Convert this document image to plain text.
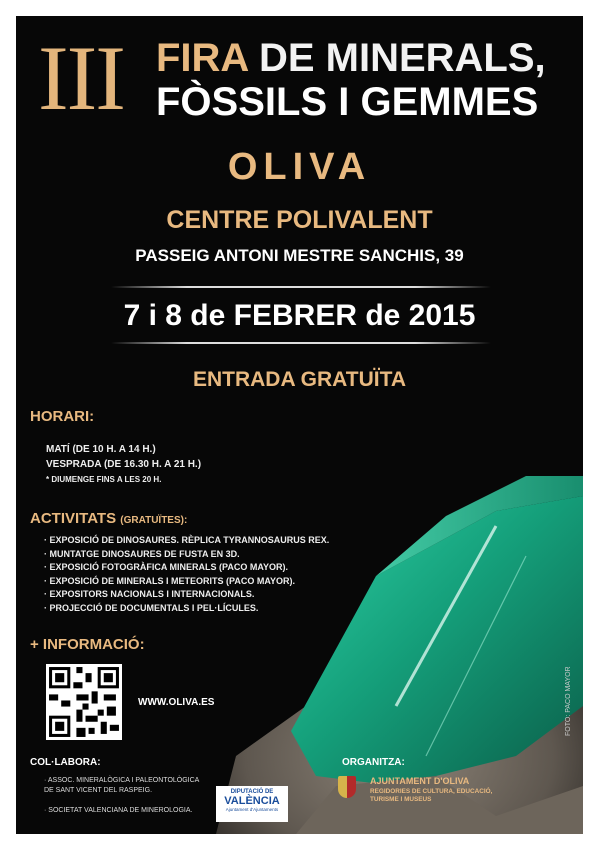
III FIRA DE MINERALS,
FÒSSILS I GEMMES
OLIVA
CENTRE POLIVALENT
PASSEIG ANTONI MESTRE SANCHIS, 39
7 i 8 de FEBRER de 2015
ENTRADA GRATUÏTA
HORARI:
MATÍ (DE 10 H. A 14 H.)
VESPRADA (DE 16.30 H. A 21 H.)
* DIUMENGE FINS A LES 20 H.
ACTIVITATS (GRATUÏTES):
· EXPOSICIÓ DE DINOSAURES. RÈPLICA TYRANNOSAURUS REX.
· MUNTATGE DINOSAURES DE FUSTA EN 3D.
· EXPOSICIÓ FOTOGRÀFICA MINERALS (PACO MAYOR).
· EXPOSICIÓ DE MINERALS I METEORITS (PACO MAYOR).
· EXPOSITORS NACIONALS I INTERNACIONALS.
· PROJECCIÓ DE DOCUMENTALS I PEL·LÍCULES.
+ INFORMACIÓ:
WWW.OLIVA.ES
COL·LABORA:
· ASSOC. MINERALÒGICA I PALEONTOLÒGICA DE SANT VICENT DEL RASPEIG.
· SOCIETAT VALENCIANA DE MINEROLOGIA.
DIPUTACIÓ DE
VALÈNCIA
Ajuntament d'Ajuntaments
ORGANITZA:
AJUNTAMENT D'OLIVA
REGIDORIES DE CULTURA, EDUCACIÓ,
TURISME I MUSEUS
FOTO: PACO MAYOR
